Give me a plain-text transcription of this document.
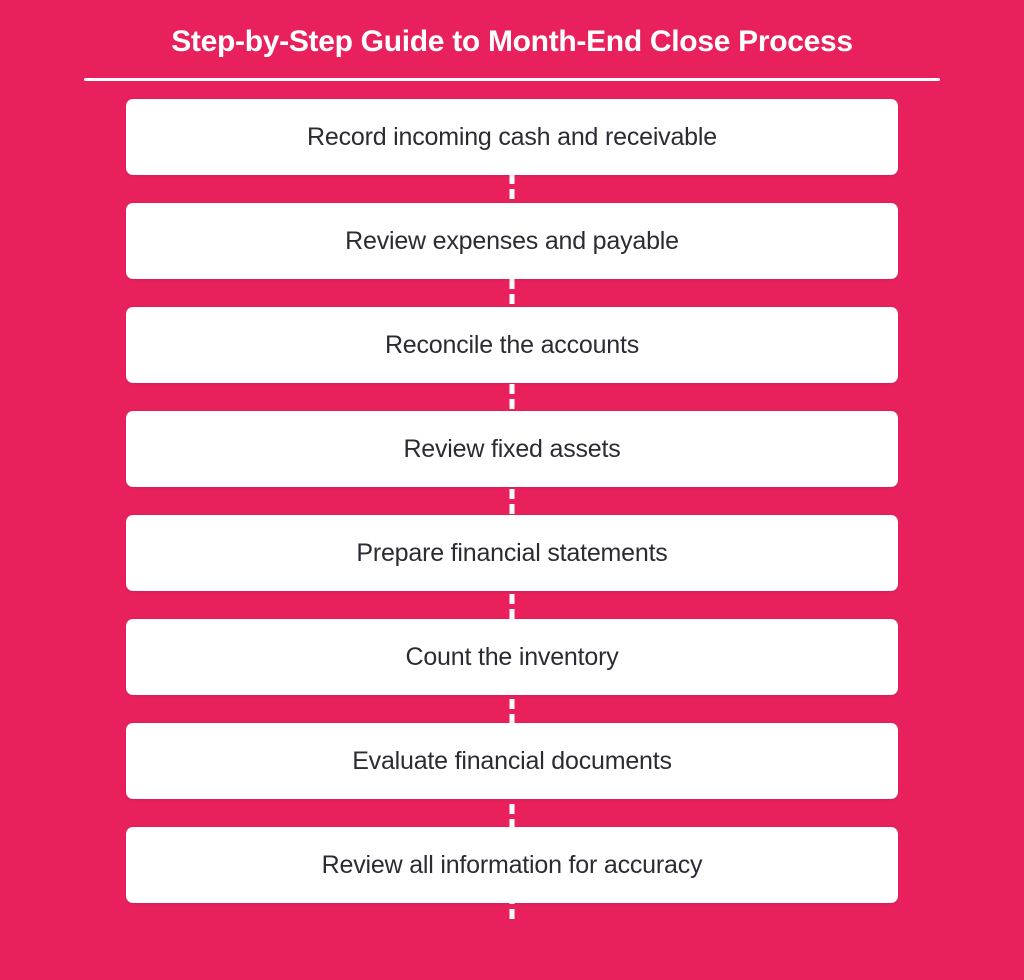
Step-by-Step Guide to Month-End Close Process
Record incoming cash and receivable
Review expenses and payable
Reconcile the accounts
Review fixed assets
Prepare financial statements
Count the inventory
Evaluate financial documents
Review all information for accuracy
